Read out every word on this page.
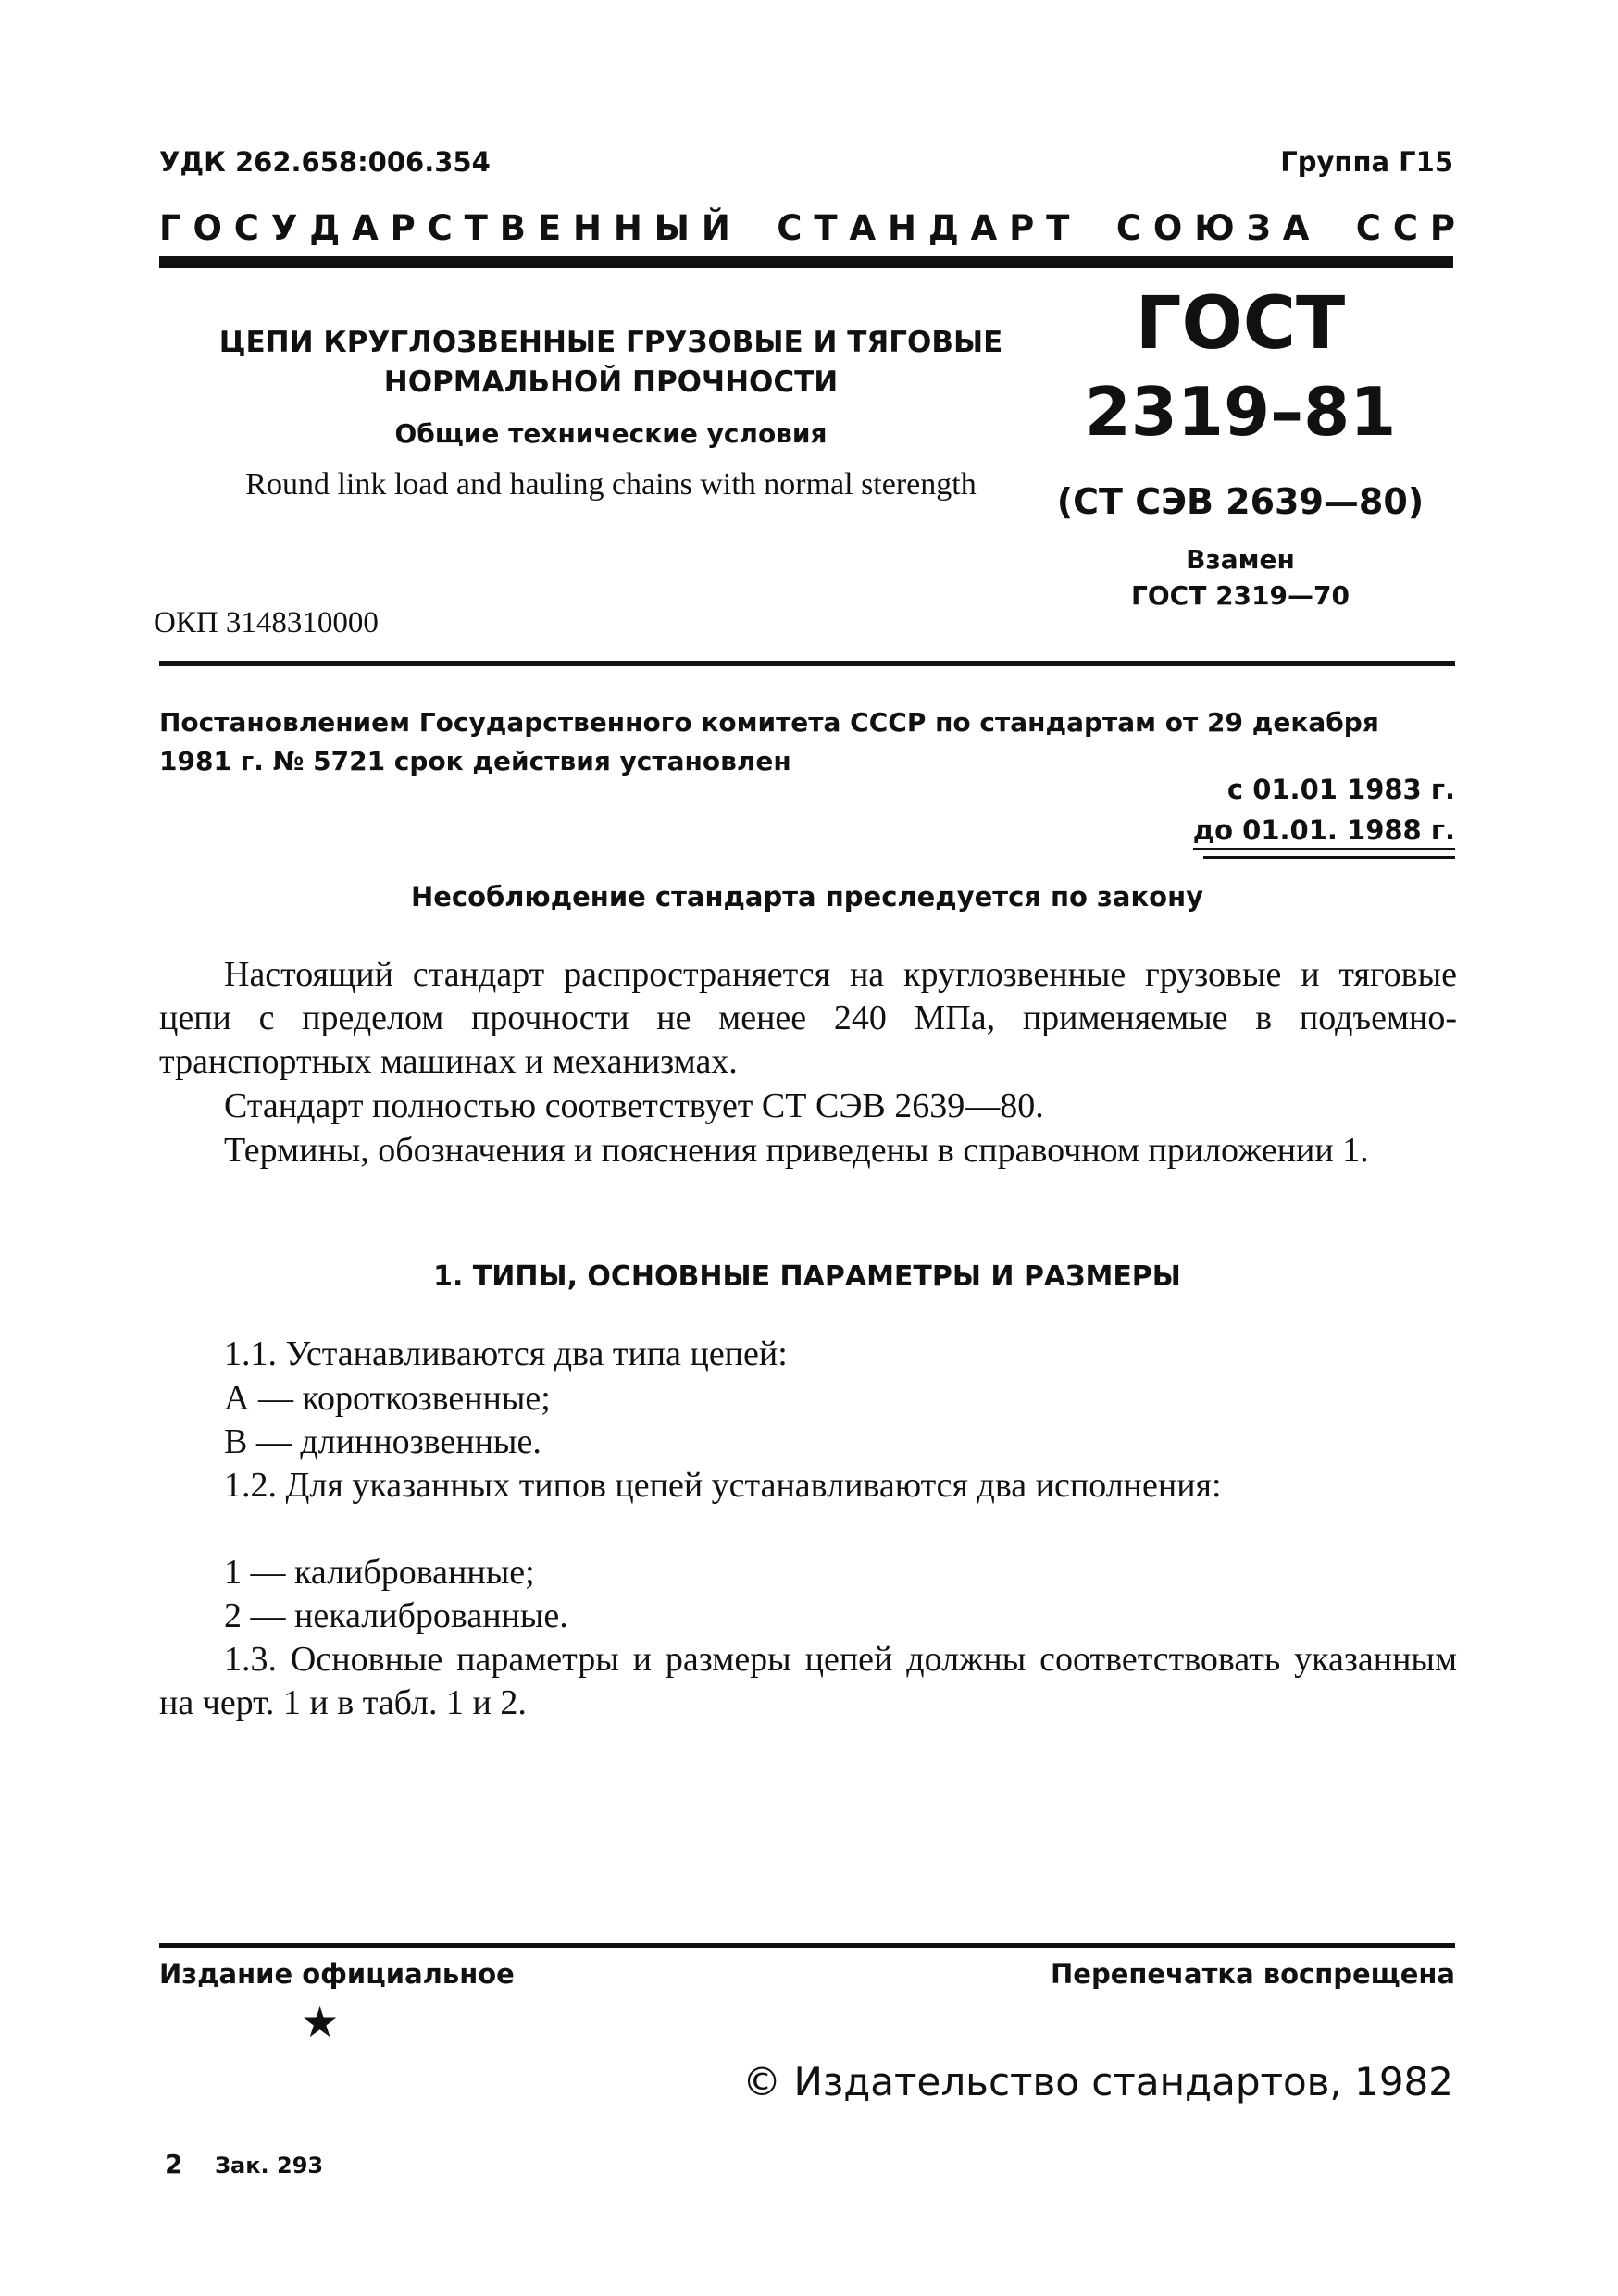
УДК 262.658:006.354	Группа Г15
Г О С У Д А Р С Т В Е Н Н Ы Й С Т А Н Д А Р Т С О Ю З А С С Р
ЦЕПИ КРУГЛОЗВЕННЫЕ ГРУЗОВЫЕ И ТЯГОВЫЕ
НОРМАЛЬНОЙ ПРОЧНОСТИ
Общие технические условия
Round link load and hauling chains with normal sterength
ОКП 3148310000
ГОСТ
2319–81
(СТ СЭВ 2639—80)
Взамен
ГОСТ 2319—70
Постановлением Государственного комитета СССР по стандартам от 29 декабря 1981 г. № 5721 срок действия установлен
с 01.01 1983 г.
до 01.01. 1988 г.
Несоблюдение стандарта преследуется по закону
Настоящий стандарт распространяется на круглозвенные грузовые и тяговые цепи с пределом прочности не менее 240 МПа, применяемые в подъемно-транспортных машинах и механизмах.
Стандарт полностью соответствует СТ СЭВ 2639—80.
Термины, обозначения и пояснения приведены в справочном приложении 1.
1. ТИПЫ, ОСНОВНЫЕ ПАРАМЕТРЫ И РАЗМЕРЫ
1.1. Устанавливаются два типа цепей:
А — короткозвенные;
В — длиннозвенные.
1.2. Для указанных типов цепей устанавливаются два исполнения:
1 — калиброванные;
2 — некалиброванные.
1.3. Основные параметры и размеры цепей должны соответствовать указанным на черт. 1 и в табл. 1 и 2.
Издание официальное	Перепечатка воспрещена
★
© Издательство стандартов, 1982
2 Зак. 293
